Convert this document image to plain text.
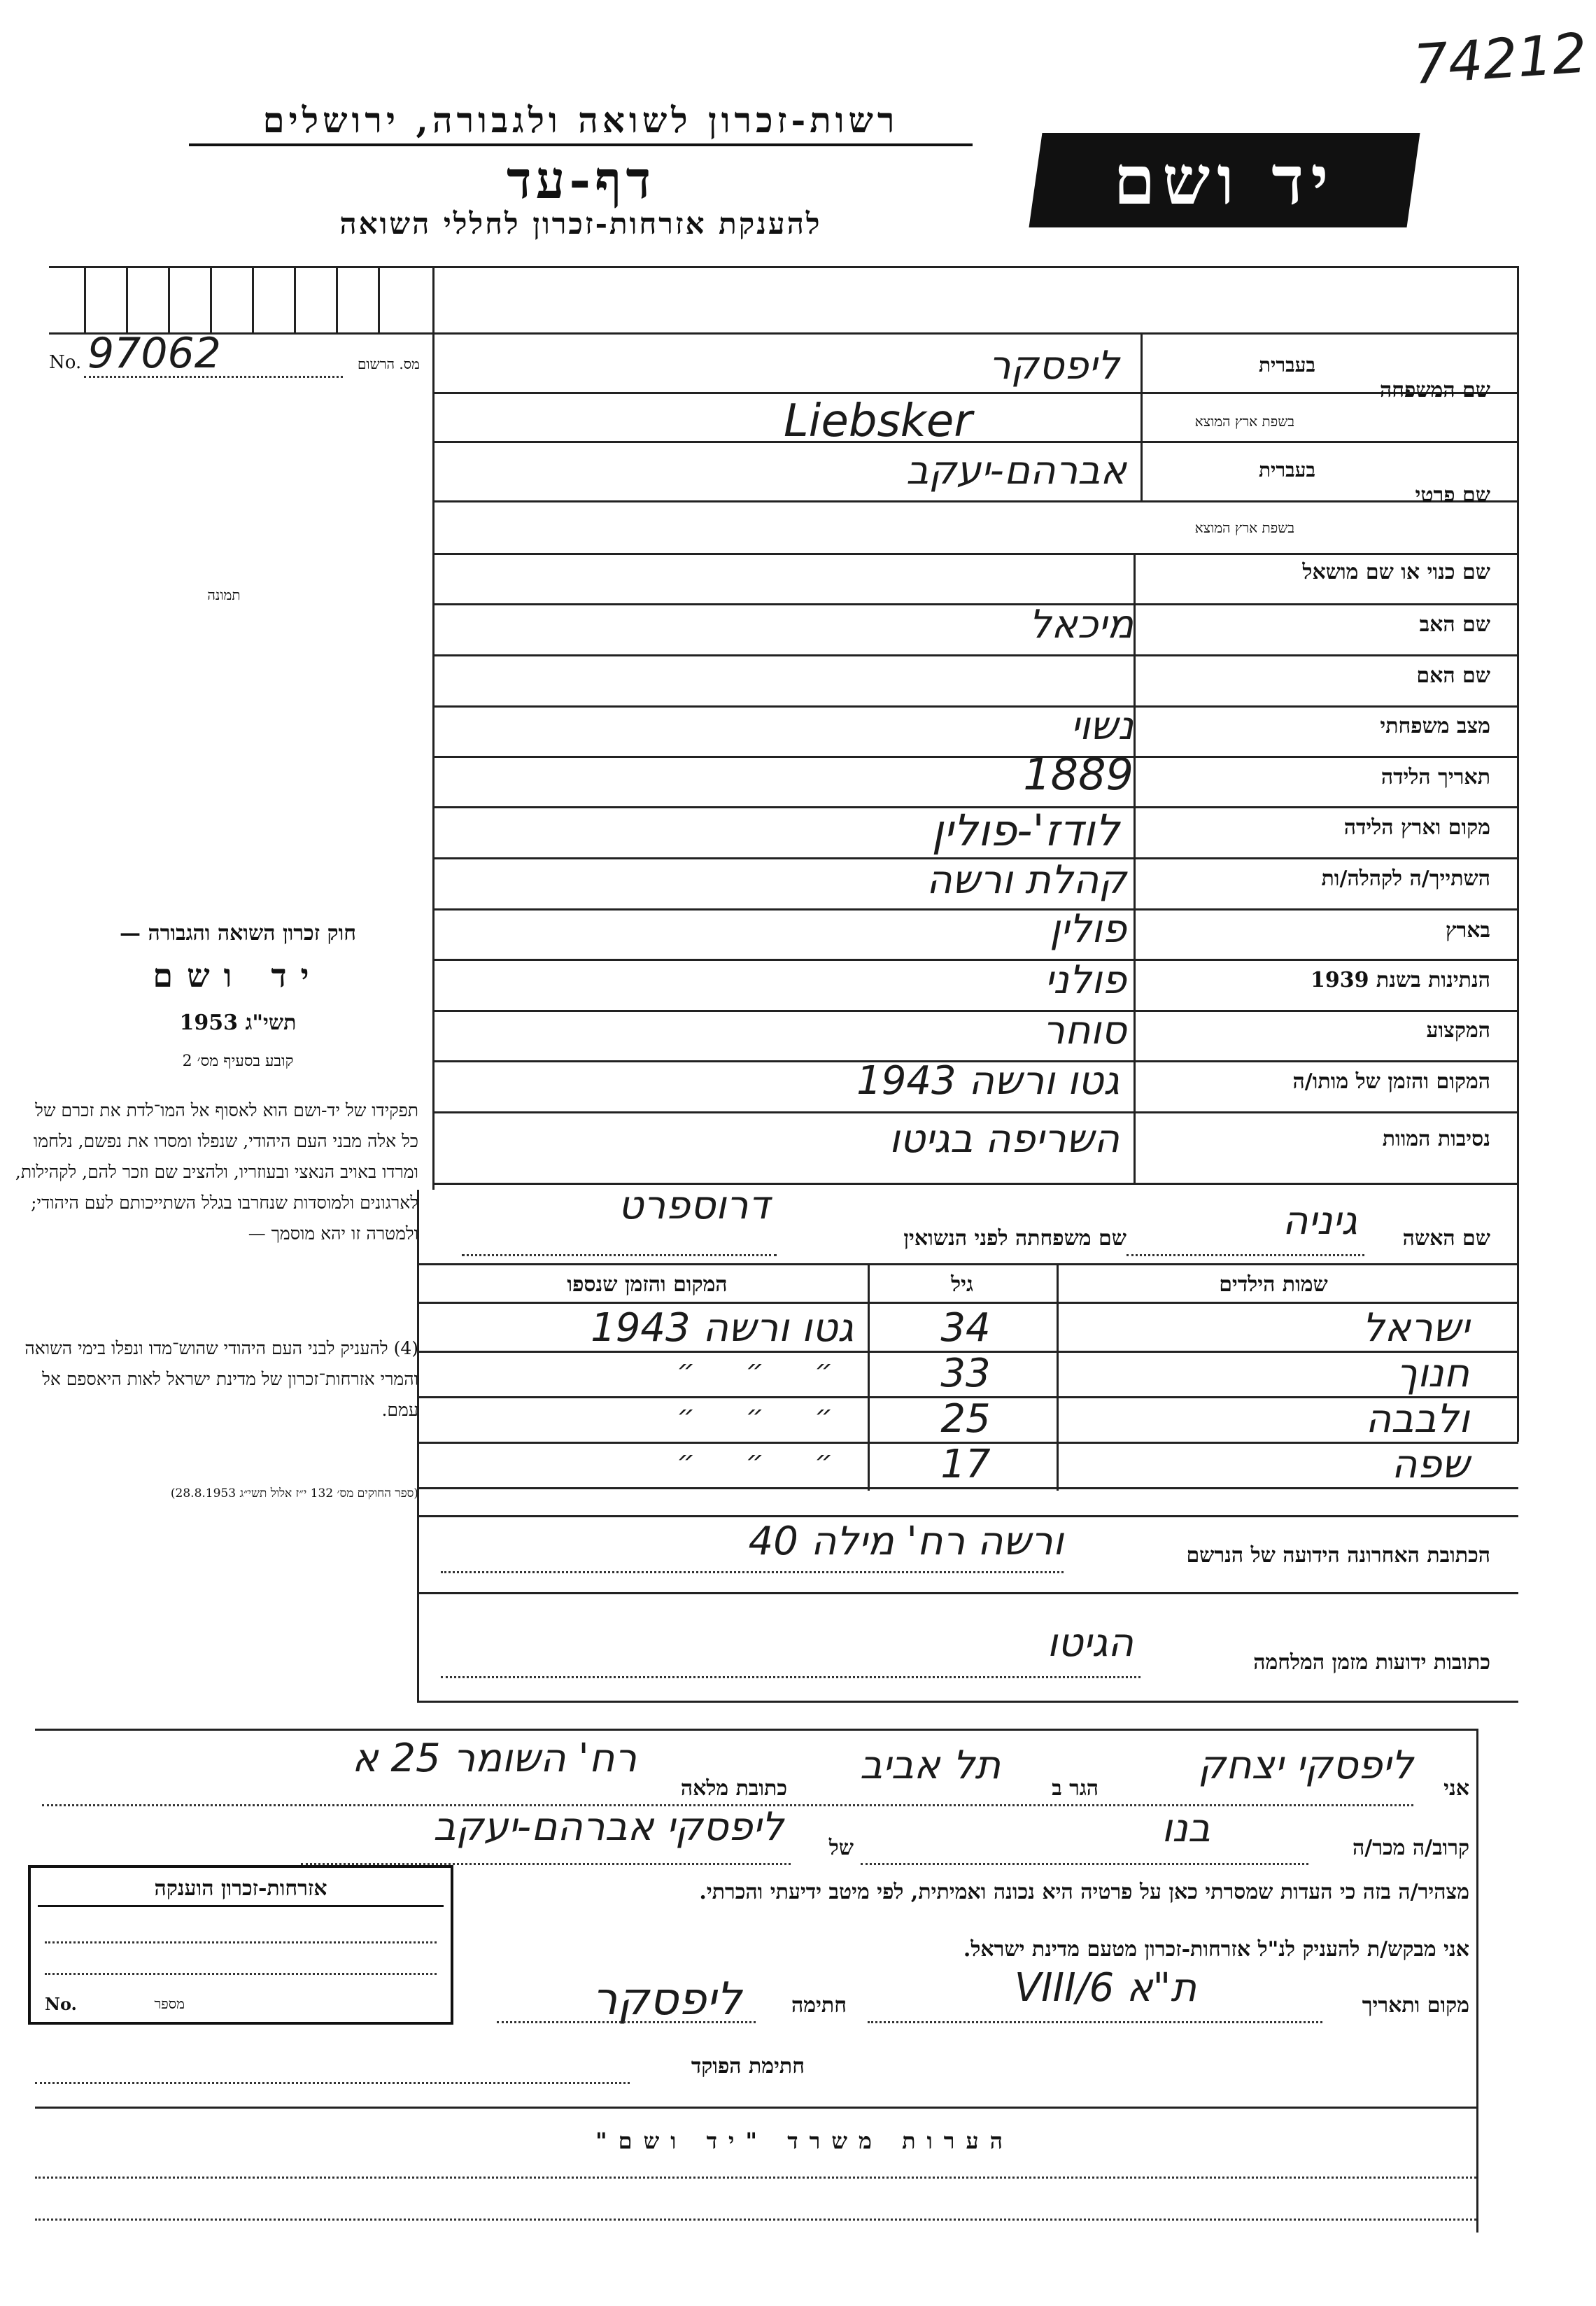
74212
רשות-זכרון לשואה ולגבורה, ירושלים
דף-עד
להענקת אזרחות-זכרון לחללי השואה
יד ושם
No. 97062	מס. הרשום
תמונה
שם המשפחה
בעברית
בשפת ארץ המוצא
ליפסקר
Liebsker
שם פרטי
בעברית
בשפת ארץ המוצא
אברהם-יעקב
שם כנוי או שם מושאל
שם האב
מיכאל
שם האם
מצב משפחתי
נשוי
תאריך הלידה
1889
מקום וארץ הלידה
לודז'-פולין
השתייך/ה לקהלה/ות
קהלת ורשה
בארץ
פולין
הנתינות בשנת 1939
פולני
המקצוע
סוחר
המקום והזמן של מותו/ה
גטו ורשה 1943
נסיבות המוות
השריפה בגיטו
שם האשה
גיניה
שם משפחתה לפני הנשואין
דרוספרט
שמות הילדים
גיל
המקום והזמן שנספו
ישראל
34
גטו ורשה 1943
חנוך
33
״ ״ ״
ולבבה
25
״ ״ ״
שפה
17
״ ״ ״
הכתובת האחרונה הידועה של הנרשם
ורשה רח' מילה 40
כתובות ידועות מזמן המלחמה
הגיטו
חוק זכרון השואה והגבורה —
יד ושם
תשי"ג 1953
קובע בסעיף מס׳ 2
תפקידו של יד-ושם הוא לאסוף אל המו־לדת את זכרם של כל אלה מבני העם היהודי, שנפלו ומסרו את נפשם, נלחמו ומרדו באויב הנאצי ובעוזריו, ולהציב שם וזכר להם, לקהילות, לארגונים ולמוסדות שנחרבו בגלל השתייכותם לעם היהודי; ולמטרה זו יהא מוסמך —
(4) להעניק לבני העם היהודי שהוש־מדו ונפלו בימי השואה והמרי אזרחות־זכרון של מדינת ישראל לאות היאספם אל עמם.
(ספר החוקים מס׳ 132 י״ז אלול תשי״ג 28.8.1953)
אני
ליפסקי יצחק
הגר ב
תל אביב
כתובת מלאה
רח' השומר 25 א
קרוב/ה מכר/ה
בנו
של
ליפסקי אברהם-יעקב
מצהיר/ה בזה כי העדות שמסרתי כאן על פרטיה היא נכונה ואמיתית, לפי מיטב ידיעתי והכרתי.
אני מבקש/ת להעניק לנ"ל אזרחות-זכרון מטעם מדינת ישראל.
מקום ותאריך
ת"א 6/VIII
חתימה
ליפסקר
חתימת הפוקד
אזרחות-זכרון הוענקה
No.	מספר
הערות משרד "יד ושם"
